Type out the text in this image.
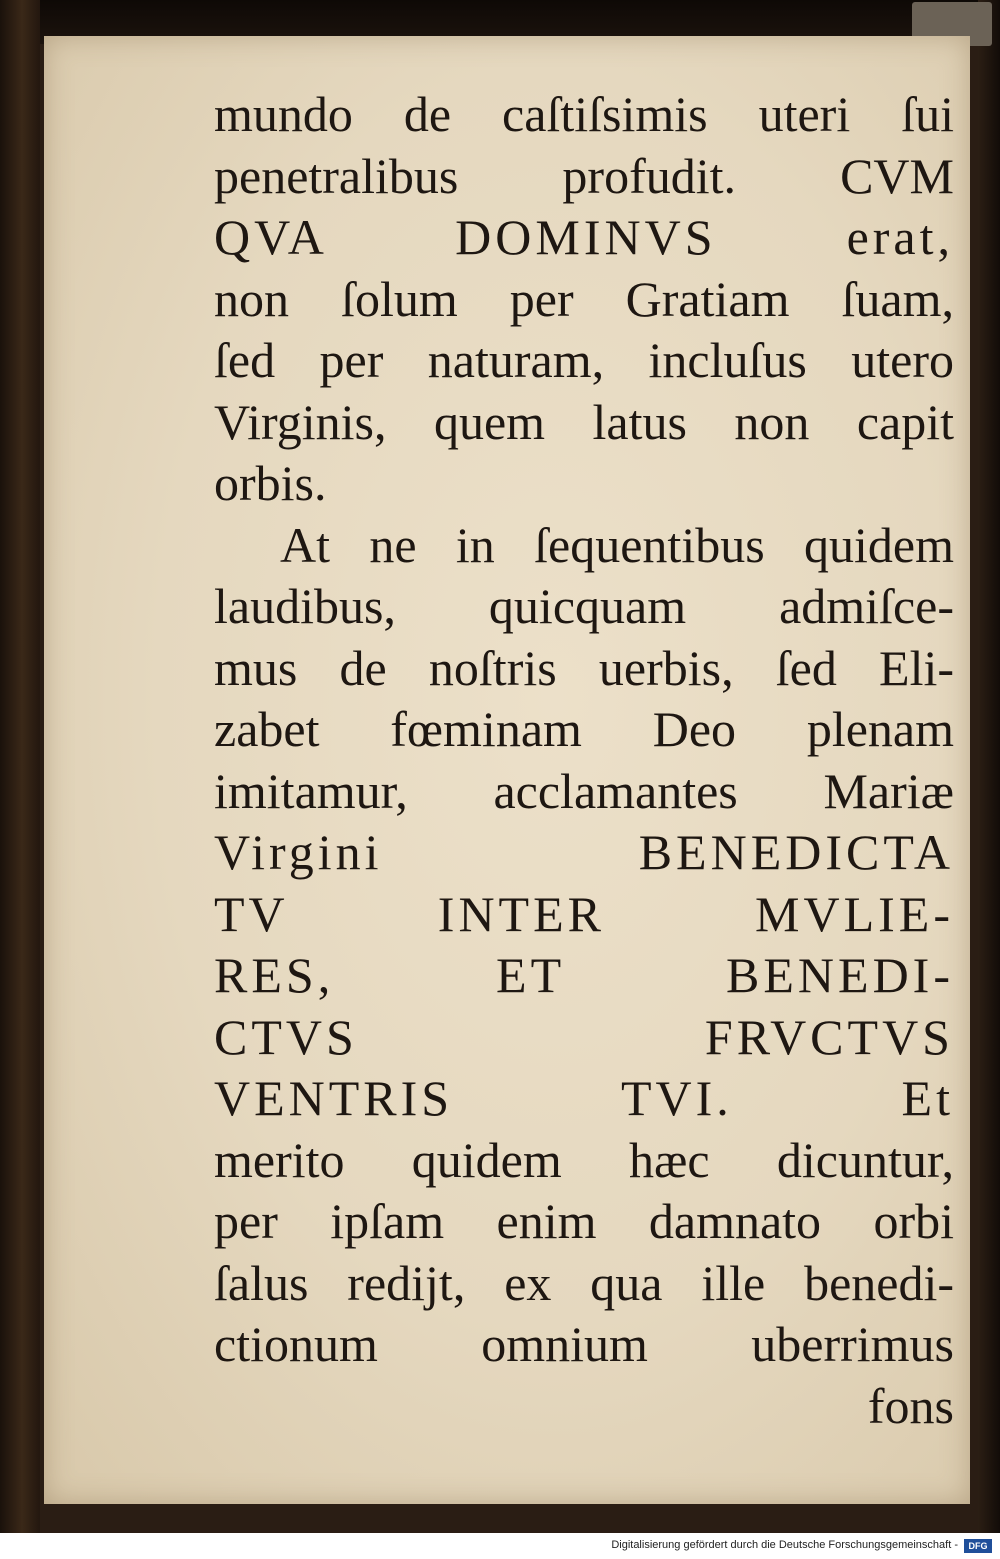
mundo de caſtiſsimis uteri ſui
penetralibus profudit. CVM
QVA DOMINVS erat,
non ſolum per Gratiam ſuam,
ſed per naturam, incluſus utero
Virginis, quem latus non capit
orbis.
At ne in ſequentibus quidem
laudibus, quicquam admiſce-
mus de noſtris uerbis, ſed Eli-
zabet fœminam Deo plenam
imitamur, acclamantes Mariæ
Virgini BENEDICTA
TV INTER MVLIE-
RES, ET BENEDI-
CTVS FRVCTVS
VENTRIS TVI. Et
merito quidem hæc dicuntur,
per ipſam enim damnato orbi
ſalus rediјt, ex qua ille benedi-
ctionum omnium uberrimus
fons
Digitalisierung gefördert durch die Deutsche Forschungsgemeinschaft -	DFG
